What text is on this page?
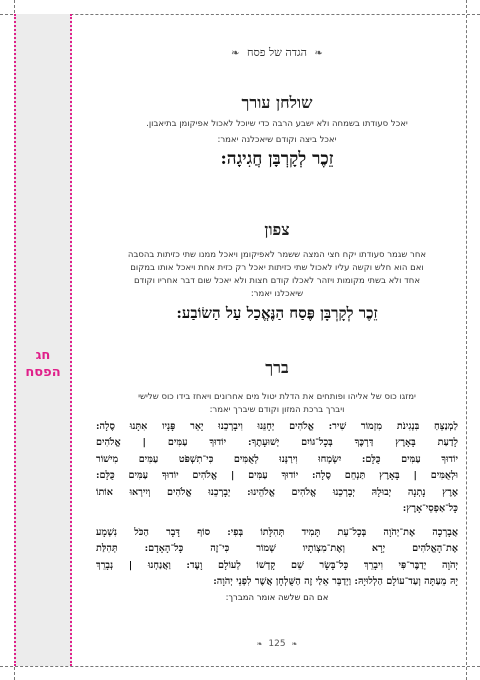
חג
הפסח
❧ הגדה של פסח ❧
שולחן עורך
יאכל סעודתו בשמחה ולא ישבע הרבה כדי שיוכל לאכול אפיקומן בתיאבון.
יאכל ביצה וקודם שיאכלנה יאמר:
זֵכֶר לְקָרְבָּן חֲגִיגָה:
צפון
אחר שגמר סעודתו יקח חצי המצה ששמר לאפיקומן ויאכל ממנו שתי כזיתות בהסבה
ואם הוא חלש וקשה עליו לאכול שתי כזיתות יאכל רק כזית אחת ויאכל אותו במקום
אחד ולא בשתי מקומות ויזהר לאכלו קודם חצות ולא יאכל שום דבר אחריו וקודם
שיאכלנו יאמר:
זֵכֶר לְקָרְבָּן פֶּסַח הַנֶּאֱכַל עַל הַשׂוֹבַע:
ברך
ימזגו כוס של אליהו ופותחים את הדלת יטול מים אחרונים ויאחז בידו כוס שלישי
ויברך ברכת המזון וקודם שיברך יאמר:
לַמְנַצֵּחַ בִּנְגִינֹת מִזְמוֹר שִׁיר: אֱלֹהִים יְחָנֵּנוּ וִיבָרְכֵנוּ יָאֵר פָּנָיו אִתָּנוּ סֶלָה:
לָדַעַת בָּאָרֶץ דַּרְכֶּךָ בְּכָל־גּוֹיִם יְשׁוּעָתֶךָ: יוֹדוּךָ עַמִּים | אֱלֹהִים
יוֹדוּךָ עַמִּים כֻּלָּם: יִשְׂמְחוּ וִירַנְּנוּ לְאֻמִּים כִּי־תִשְׁפֹּט עַמִּים מִישׁוֹר
וּלְאֻמִּים | בָּאָרֶץ תַּנְחֵם סֶלָה: יוֹדוּךָ עַמִּים | אֱלֹהִים יוֹדוּךָ עַמִּים כֻּלָּם:
אֶרֶץ נָתְנָה יְבוּלָהּ יְבָרְכֵנוּ אֱלֹהִים אֱלֹהֵינוּ: יְבָרְכֵנוּ אֱלֹהִים וְיִירְאוּ אוֹתוֹ
כָּל־אַפְסֵי־אָרֶץ:
אֲבָרְכָה אֶת־יְהֹוָה בְּכָל־עֵת תָּמִיד תְּהִלָּתוֹ בְּפִי: סוֹף דָּבָר הַכֹּל נִשְׁמָע
אֶת־הָאֱלֹהִים יְרָא וְאֶת־מִצְוֹתָיו שְׁמוֹר כִּי־זֶה כָּל־הָאָדָם: תְּהִלַּת
יְהֹוָה יְדַבֶּר־פִּי וִיבָרֵךְ כָּל־בָּשָׂר שֵׁם קָדְשׁוֹ לְעוֹלָם וָעֶד: וַאֲנַחְנוּ | נְבָרֵךְ
יָהּ מֵעַתָּה וְעַד־עוֹלָם הַלְלוּיָהּ: וַיְדַבֵּר אֵלַי זֶה הַשֻּׁלְחָן אֲשֶׁר לִפְנֵי יְהֹוָה:
אם הם שלשה אומר המברך:
❧ 125 ❧
